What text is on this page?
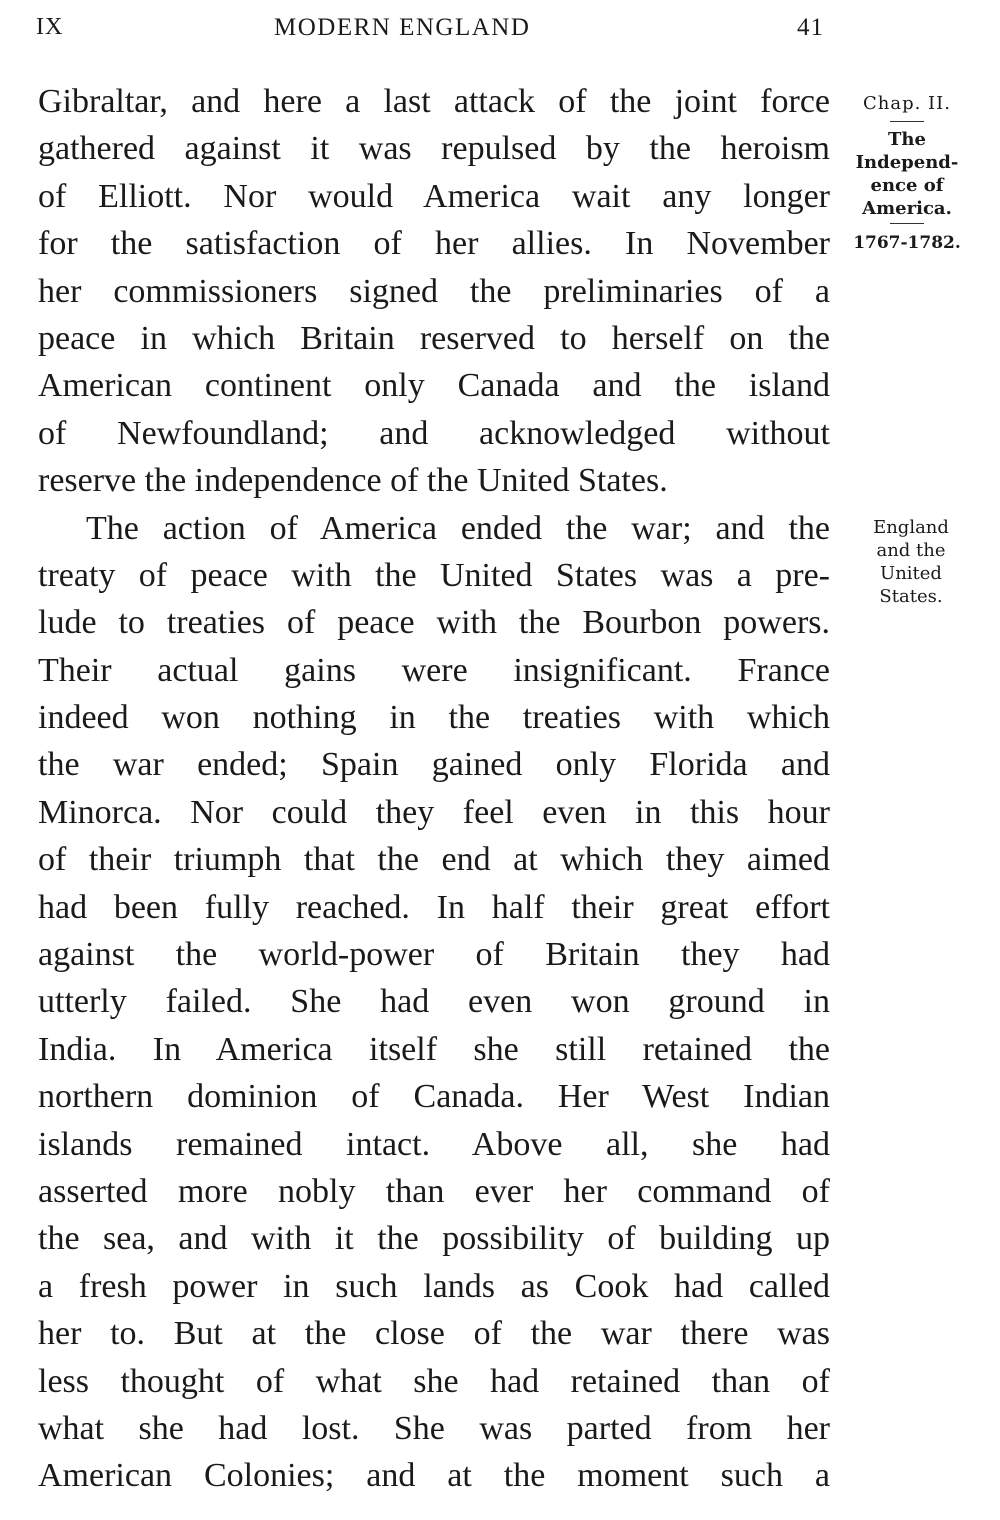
IX	MODERN ENGLAND	41
Gibraltar, and here a last attack of the joint force
gathered against it was repulsed by the heroism
of Elliott. Nor would America wait any longer
for the satisfaction of her allies. In November
her commissioners signed the preliminaries of a
peace in which Britain reserved to herself on the
American continent only Canada and the island
of Newfoundland; and acknowledged without
reserve the independence of the United States.
The action of America ended the war; and the
treaty of peace with the United States was a pre-
lude to treaties of peace with the Bourbon powers.
Their actual gains were insignificant. France
indeed won nothing in the treaties with which
the war ended; Spain gained only Florida and
Minorca. Nor could they feel even in this hour
of their triumph that the end at which they aimed
had been fully reached. In half their great effort
against the world-power of Britain they had
utterly failed. She had even won ground in
India. In America itself she still retained the
northern dominion of Canada. Her West Indian
islands remained intact. Above all, she had
asserted more nobly than ever her command of
the sea, and with it the possibility of building up
a fresh power in such lands as Cook had called
her to. But at the close of the war there was
less thought of what she had retained than of
what she had lost. She was parted from her
American Colonies; and at the moment such a
Chap. II.
The
Independ-
ence of
America.
1767-1782.
England
and the
United
States.
